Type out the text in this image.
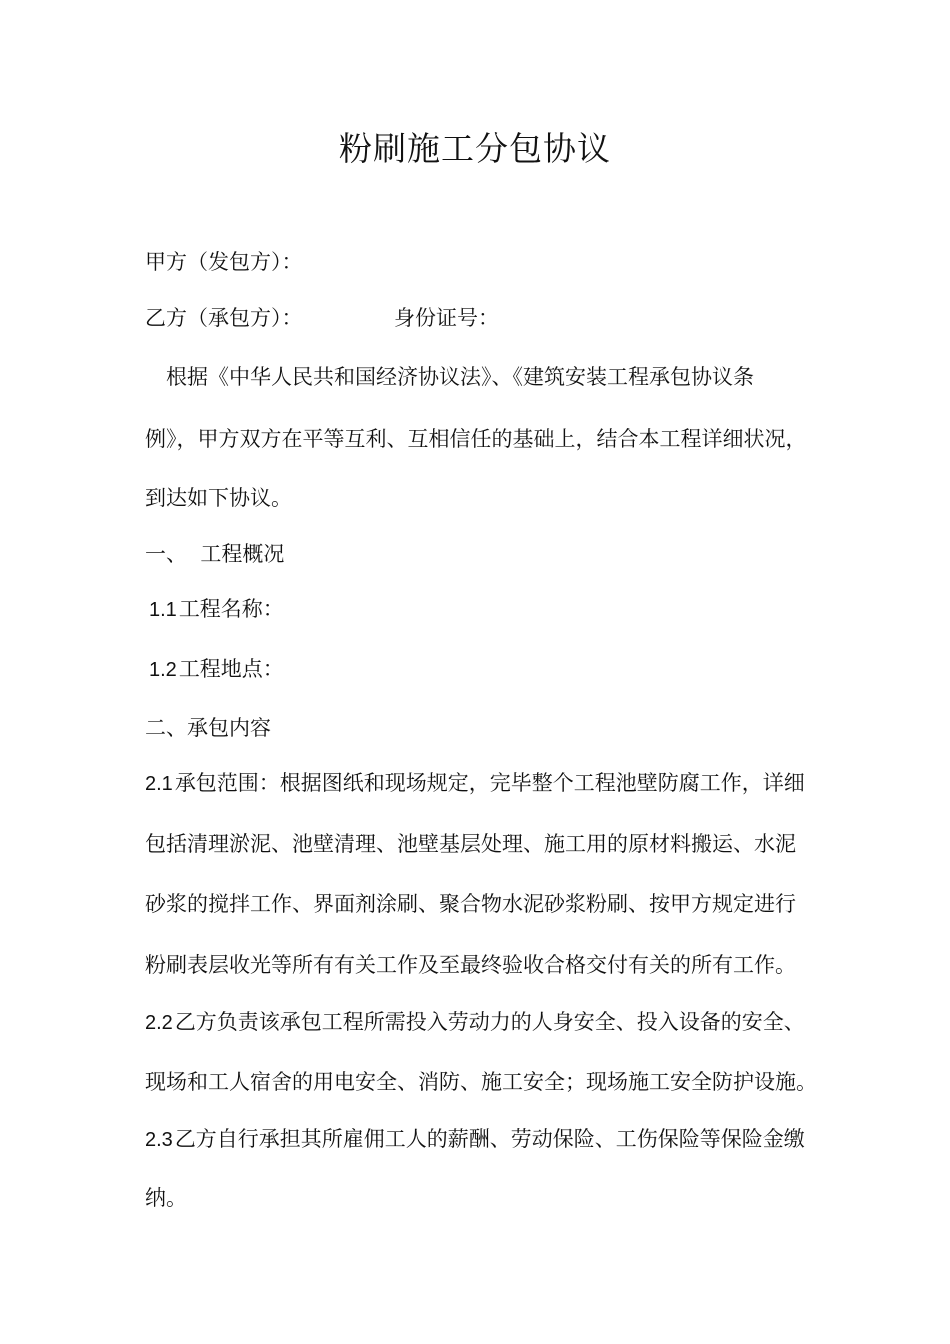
粉刷施工分包协议
甲方（发包方）：
乙方（承包方）：	身份证号：
根据《中华人民共和国经济协议法》、《建筑安装工程承包协议条
例》，甲方双方在平等互利、互相信任的基础上，结合本工程详细状况，
到达如下协议。
一、  工程概况
1.1工程名称：
1.2工程地点：
二、承包内容
2.1承包范围：根据图纸和现场规定，完毕整个工程池壁防腐工作，详细
包括清理淤泥、池壁清理、池壁基层处理、施工用的原材料搬运、水泥
砂浆的搅拌工作、界面剂涂刷、聚合物水泥砂浆粉刷、按甲方规定进行
粉刷表层收光等所有有关工作及至最终验收合格交付有关的所有工作。
2.2乙方负责该承包工程所需投入劳动力的人身安全、投入设备的安全、
现场和工人宿舍的用电安全、消防、施工安全；现场施工安全防护设施。
2.3乙方自行承担其所雇佣工人的薪酬、劳动保险、工伤保险等保险金缴
纳。
